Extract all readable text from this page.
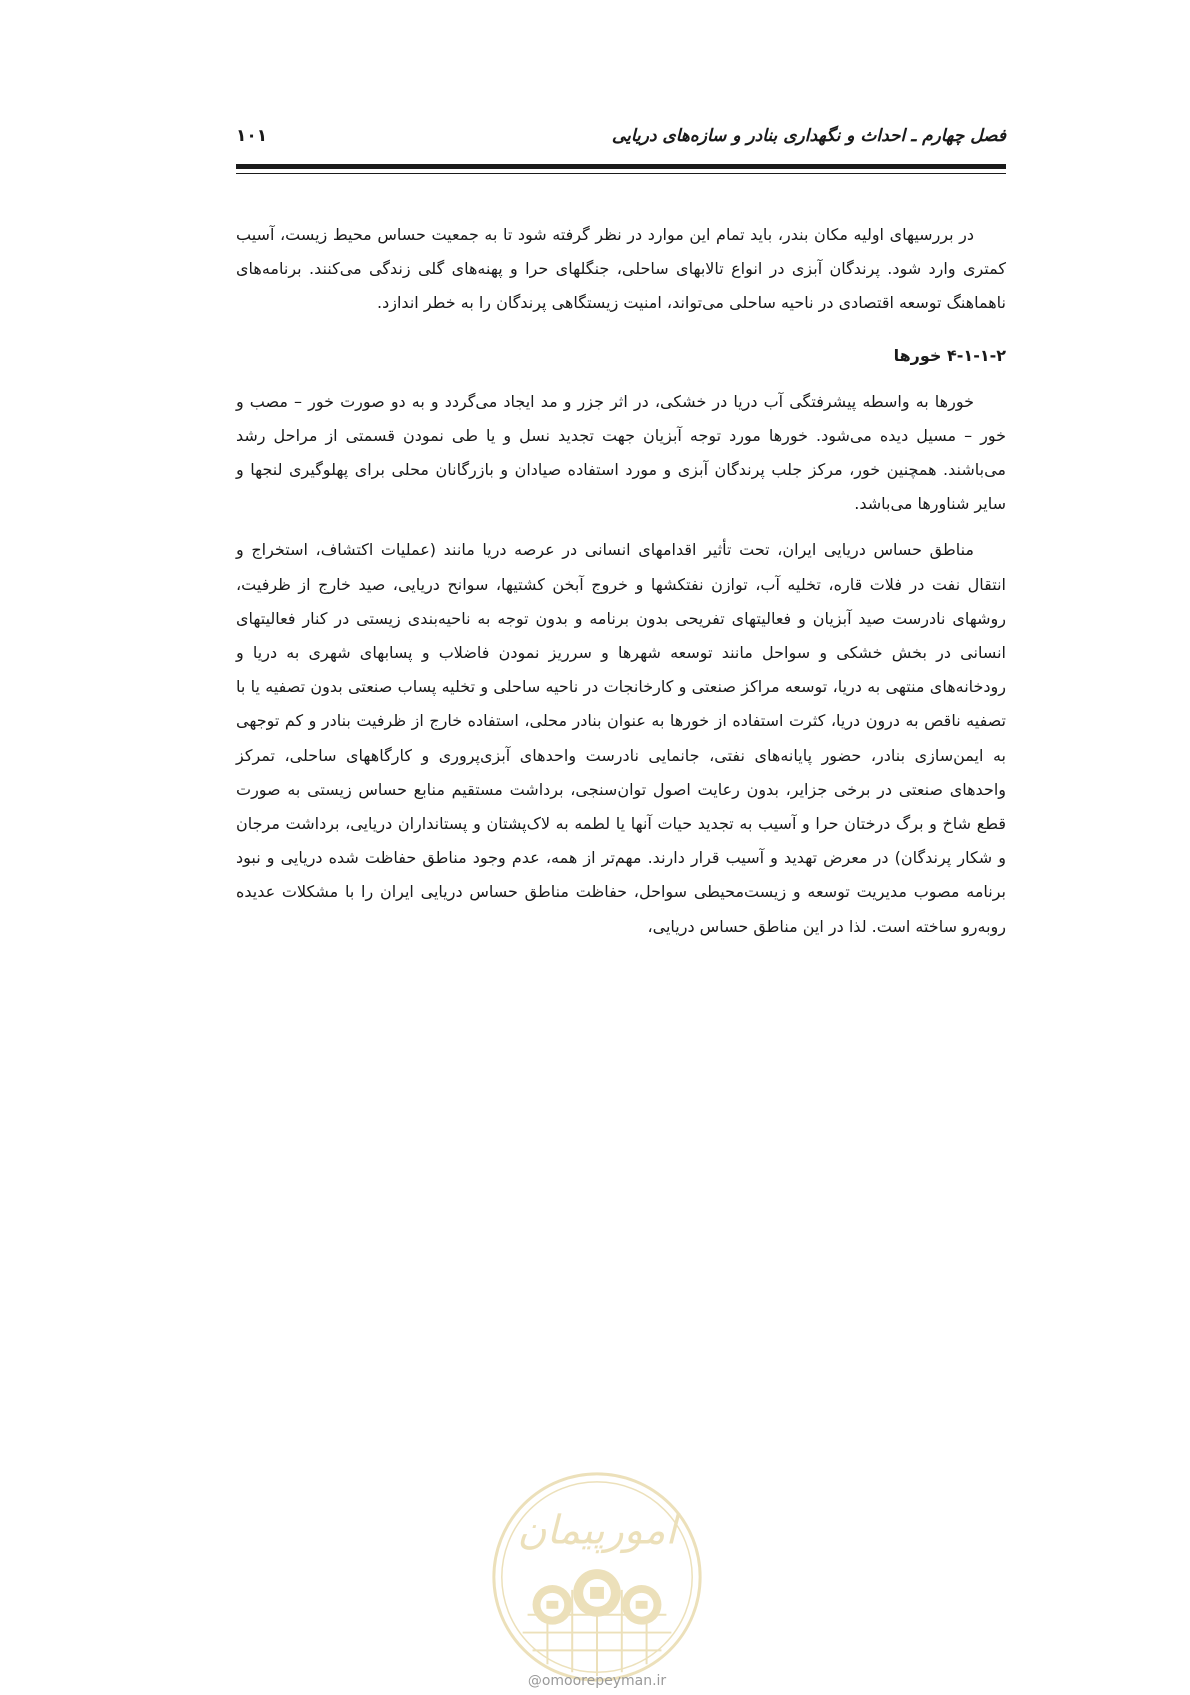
فصل چهارم ـ احداث و نگهداری بنادر و سازه‌های دریایی
۱۰۱

در بررسیهای اولیه مکان بندر، باید تمام این موارد در نظر گرفته شود تا به جمعیت حساس محیط زیست، آسیب کمتری وارد شود. پرندگان آبزی در انواع تالابهای ساحلی، جنگلهای حرا و پهنه‌های گلی زندگی می‌کنند. برنامه‌های ناهماهنگ توسعه اقتصادی در ناحیه ساحلی می‌تواند، امنیت زیستگاهی پرندگان را به خطر اندازد.

۴-۱-۱-۲ خورها

خورها به واسطه پیشرفتگی آب دریا در خشکی، در اثر جزر و مد ایجاد می‌گردد و به دو صورت خور – مصب و خور – مسیل دیده می‌شود. خورها مورد توجه آبزیان جهت تجدید نسل و یا طی نمودن قسمتی از مراحل رشد می‌باشند. همچنین خور، مرکز جلب پرندگان آبزی و مورد استفاده صیادان و بازرگانان محلی برای پهلوگیری لنجها و سایر شناورها می‌باشد.

مناطق حساس دریایی ایران، تحت تأثیر اقدامهای انسانی در عرصه دریا مانند (عملیات اکتشاف، استخراج و انتقال نفت در فلات قاره، تخلیه آب، توازن نفتکشها و خروج آبخن کشتیها، سوانح دریایی، صید خارج از ظرفیت، روشهای نادرست صید آبزیان و فعالیتهای تفریحی بدون برنامه و بدون توجه به ناحیه‌بندی زیستی در کنار فعالیتهای انسانی در بخش خشکی و سواحل مانند توسعه شهرها و سرریز نمودن فاضلاب و پسابهای شهری به دریا و رودخانه‌های منتهی به دریا، توسعه مراکز صنعتی و کارخانجات در ناحیه ساحلی و تخلیه پساب صنعتی بدون تصفیه یا با تصفیه ناقص به درون دریا، کثرت استفاده از خورها به عنوان بنادر محلی، استفاده خارج از ظرفیت بنادر و کم توجهی به ایمن‌سازی بنادر، حضور پایانه‌های نفتی، جانمایی نادرست واحدهای آبزی‌پروری و کارگاههای ساحلی، تمرکز واحدهای صنعتی در برخی جزایر، بدون رعایت اصول توان‌سنجی، برداشت مستقیم منابع حساس زیستی به صورت قطع شاخ و برگ درختان حرا و آسیب به تجدید حیات آنها یا لطمه به لاک‌پشتان و پستانداران دریایی، برداشت مرجان و شکار پرندگان) در معرض تهدید و آسیب قرار دارند. مهم‌تر از همه، عدم وجود مناطق حفاظت شده دریایی و نبود برنامه مصوب مدیریت توسعه و زیست‌محیطی سواحل، حفاظت مناطق حساس دریایی ایران را با مشکلات عدیده روبه‌رو ساخته است. لذا در این مناطق حساس دریایی،

امورپیمان
@omoorepeyman.ir
